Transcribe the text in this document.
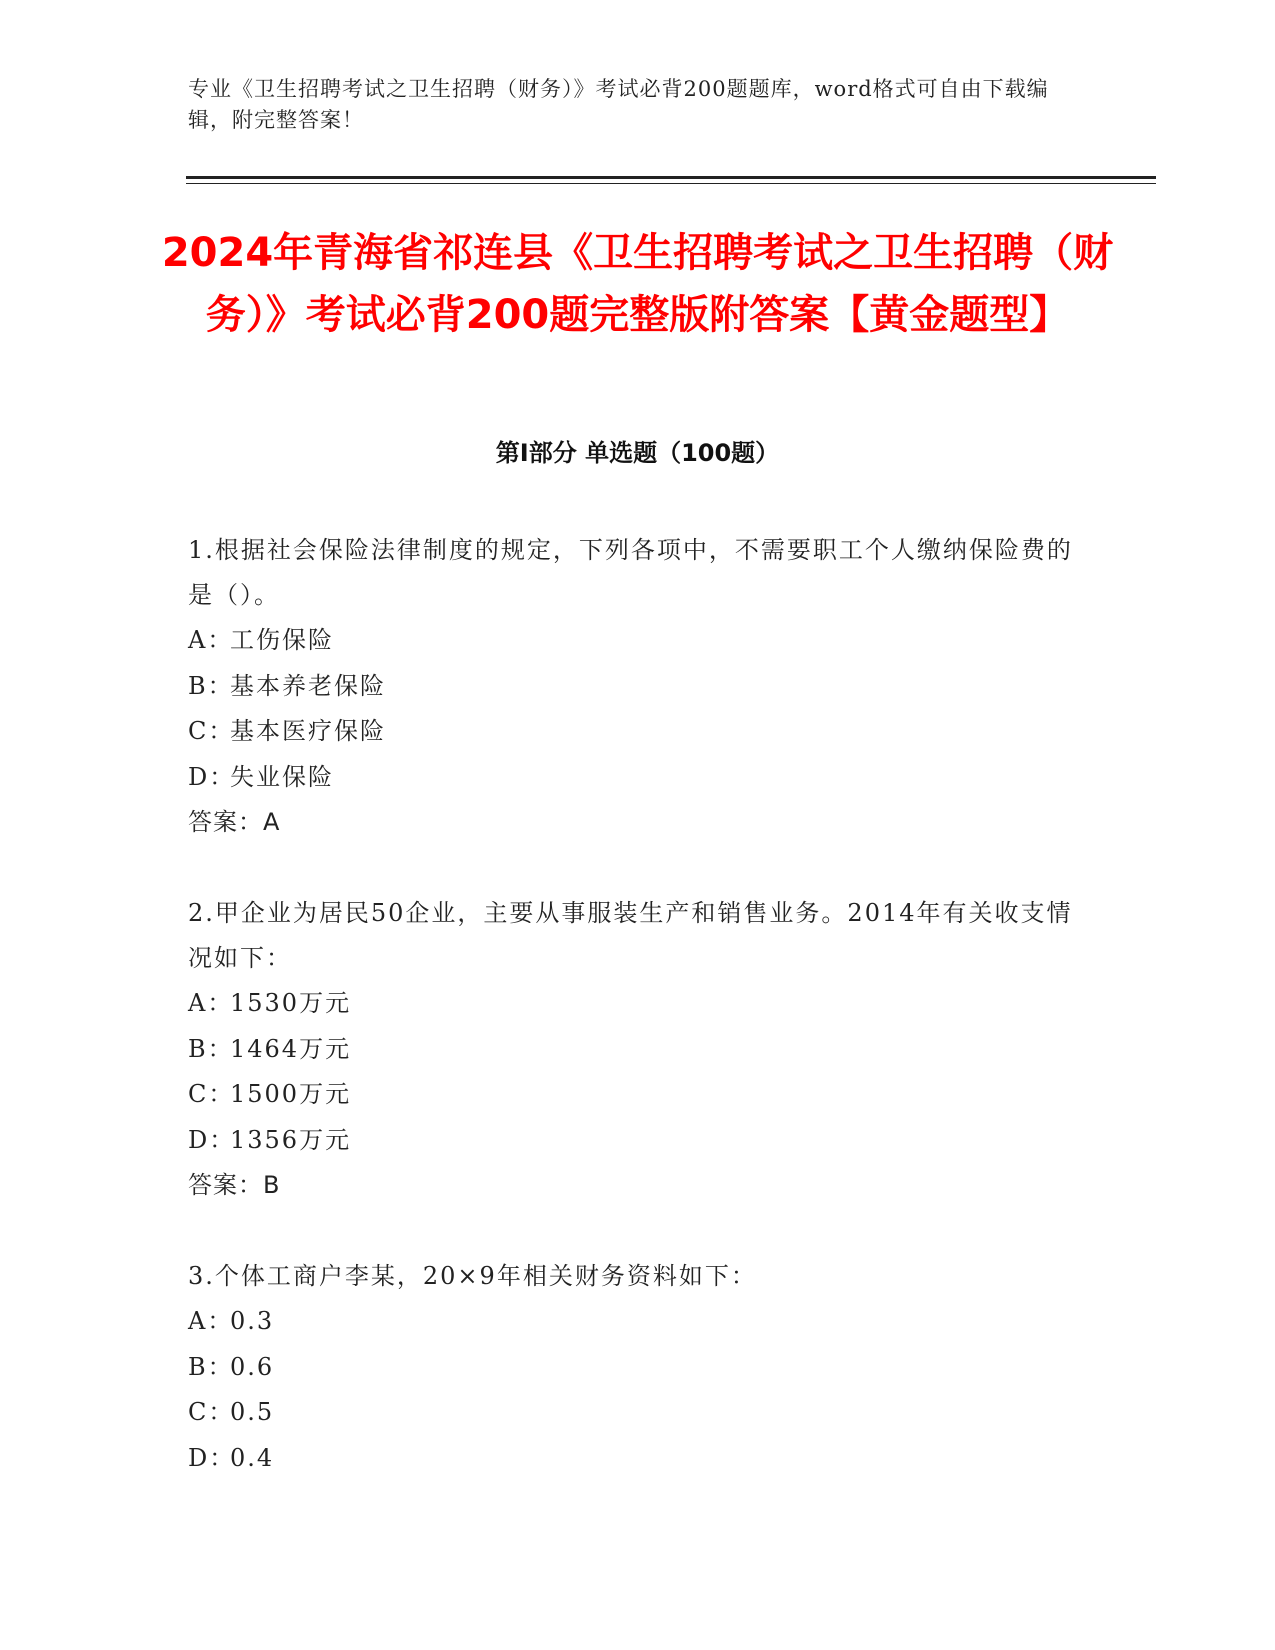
专业《卫生招聘考试之卫生招聘（财务）》考试必背200题题库，word格式可自由下载编辑，附完整答案！

2024年青海省祁连县《卫生招聘考试之卫生招聘（财务）》考试必背200题完整版附答案【黄金题型】
第Ⅰ部分 单选题（100题）

1.根据社会保险法律制度的规定，下列各项中，不需要职工个人缴纳保险费的是（）。

A：工伤保险
B：基本养老保险
C：基本医疗保险
D：失业保险

答案：A

2.甲企业为居民50企业，主要从事服装生产和销售业务。2014年有关收支情况如下：

A：1530万元
B：1464万元
C：1500万元
D：1356万元

答案：B

3.个体工商户李某，20×9年相关财务资料如下：

A：0.3
B：0.6
C：0.5
D：0.4
